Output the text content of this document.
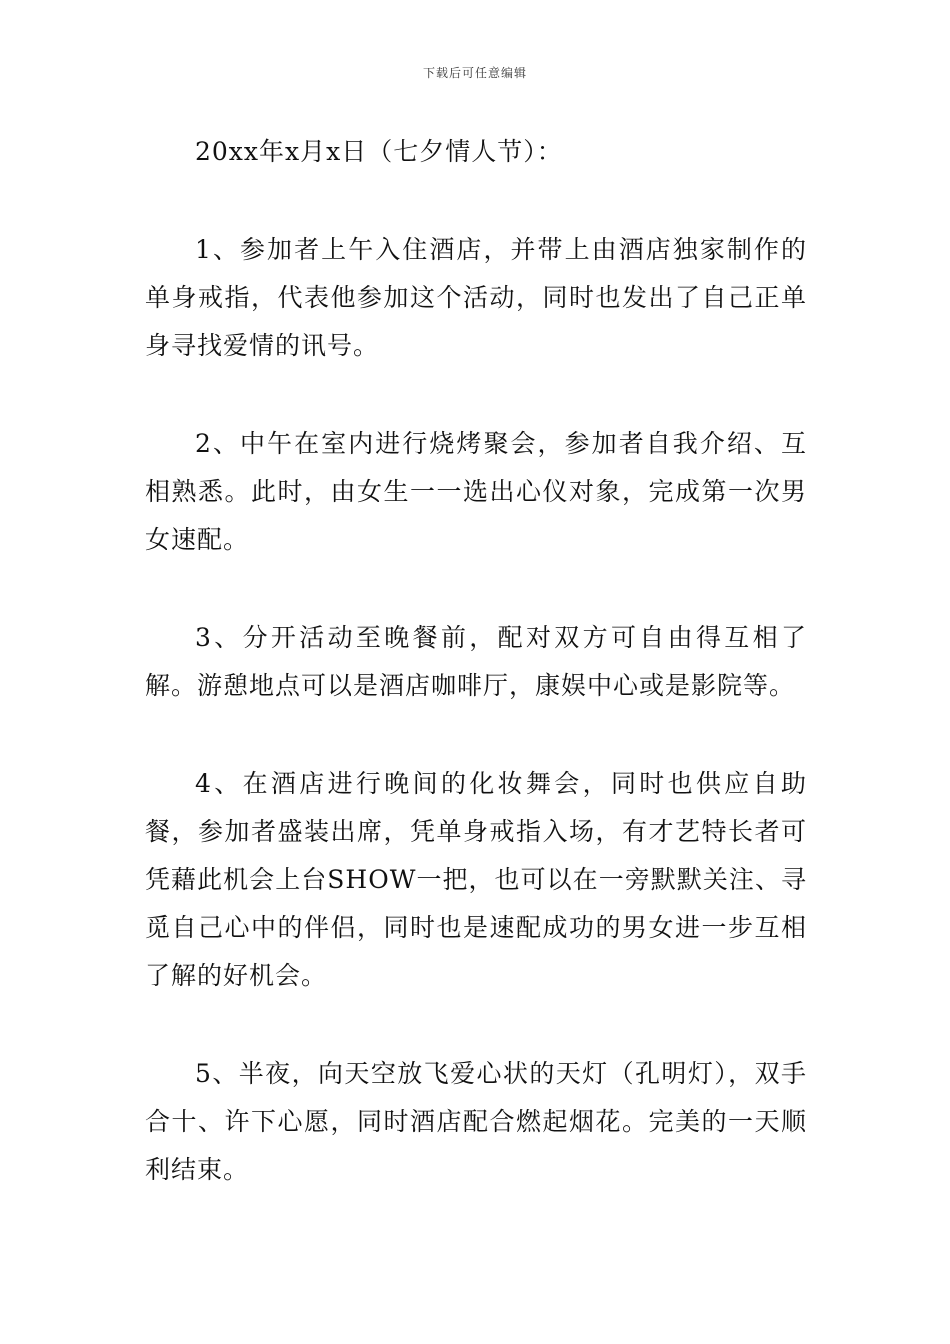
下载后可任意编辑

20xx年x月x日（七夕情人节）：

1、参加者上午入住酒店，并带上由酒店独家制作的单身戒指，代表他参加这个活动，同时也发出了自己正单身寻找爱情的讯号。

2、中午在室内进行烧烤聚会，参加者自我介绍、互相熟悉。此时，由女生一一选出心仪对象，完成第一次男女速配。

3、分开活动至晚餐前，配对双方可自由得互相了解。游憩地点可以是酒店咖啡厅，康娱中心或是影院等。

4、在酒店进行晚间的化妆舞会，同时也供应自助餐，参加者盛装出席，凭单身戒指入场，有才艺特长者可凭藉此机会上台SHOW一把，也可以在一旁默默关注、寻觅自己心中的伴侣，同时也是速配成功的男女进一步互相了解的好机会。

5、半夜，向天空放飞爱心状的天灯（孔明灯），双手合十、许下心愿，同时酒店配合燃起烟花。完美的一天顺利结束。
